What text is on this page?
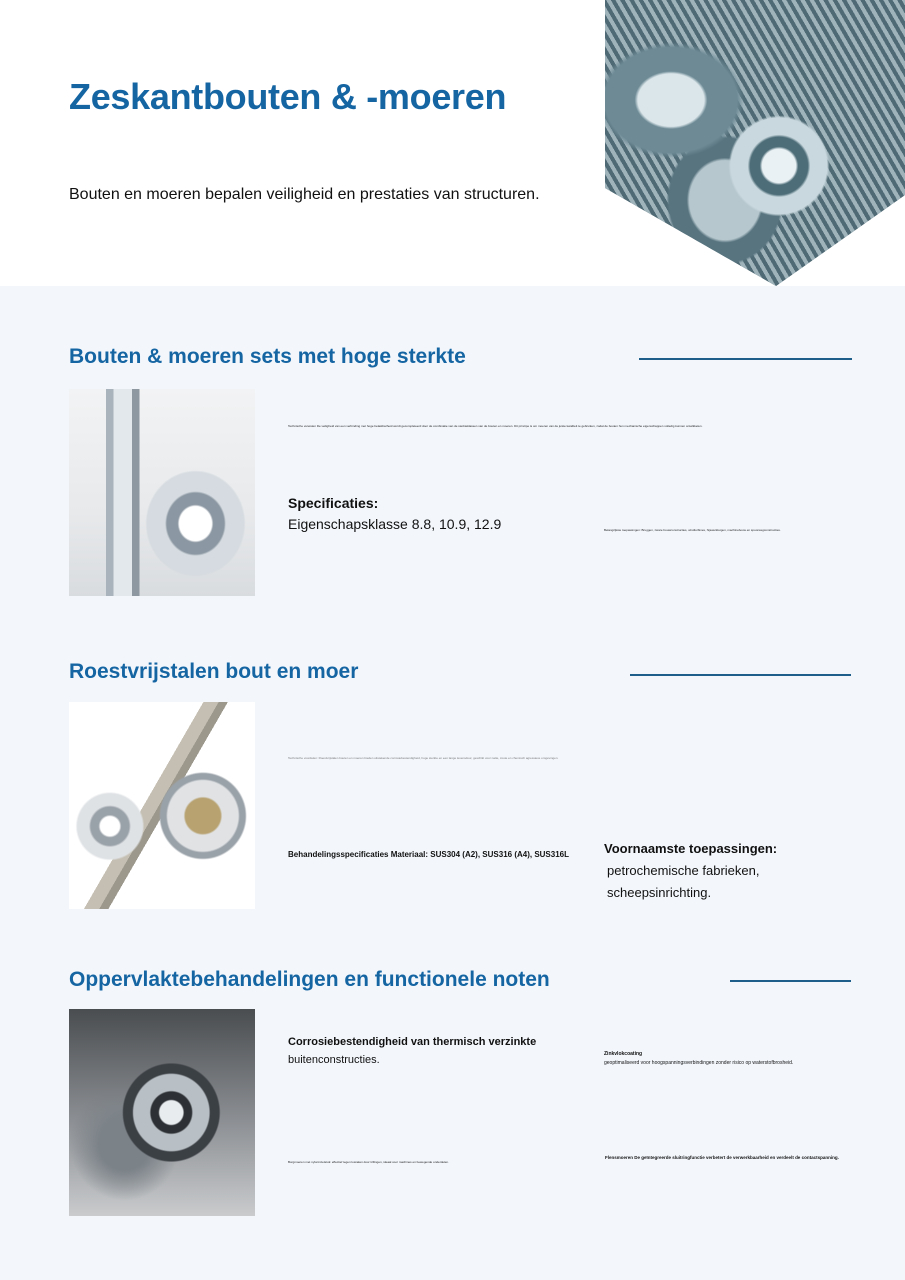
Zeskantbouten & -moeren

Bouten en moeren bepalen veiligheid en prestaties van structuren.

Bouten & moeren sets met hoge sterkte
Technische vereisten De veiligheid van een verbinding met hoge belastbarheid wordt gecompleteerd door de combinatie van de sterkteklassen van de bouten en moeren. Dit principe is om moeren van de juiste kwaliteit te gebruiken, zodat de bouten hun mechanische eigenschappen volledig kunnen ontwikkelen.
Specificaties:
Eigenschapsklasse 8.8, 10.9, 12.9	Belangrijkste toepassingen: Bruggen, zware bouwconstructies, windturbines, hijswerktuigen, machinebouw en spoorwegconstructies.
Roestvrijstalen bout en moer
Technische voordelen: Roestvrijstalen bouten en moeren bieden uitstekende corrosiebestendigheid, hoge sterkte en een lange levensduur, geschikt voor natte, zoute en chemisch agressieve omgevingen.
Behandelingsspecificaties Materiaal: SUS304 (A2), SUS316 (A4), SUS316L	Voornaamste toepassingen:
petrochemische fabrieken,
scheepsinrichting.
Oppervlaktebehandelingen en functionele noten
Corrosiebestendigheid van thermisch verzinkte
buitenconstructies.	Zinkvlokcoating
geoptimaliseerd voor hoogspanningsverbindingen zonder risico op waterstofbrosheid.
Borgmoeren met nyloninzetstuk: effectief tegen losraken door trillingen, ideaal voor machines en bewegende onderdelen.
Flensmoeren De geïntegreerde sluitringfunctie verbetert de verwerkbaarheid en verdeelt de contactspanning.
